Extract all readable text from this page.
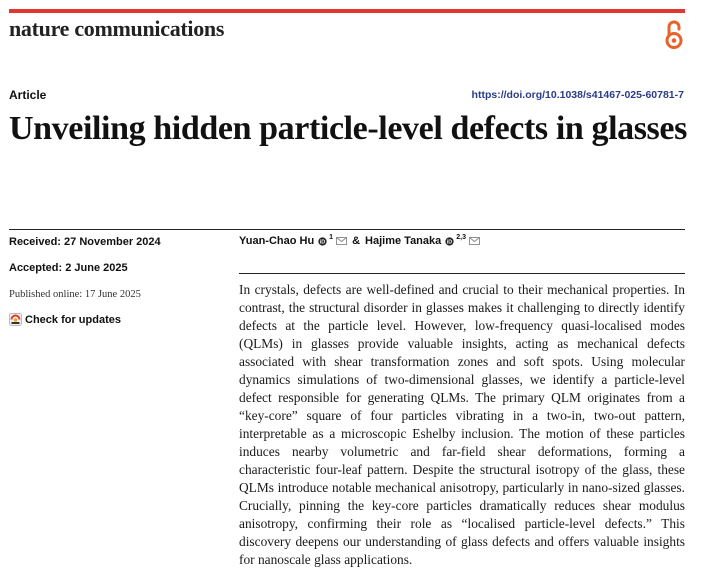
nature communications
Article	https://doi.org/10.1038/s41467-025-60781-7
Unveiling hidden particle-level defects in glasses
Received: 27 November 2024
Accepted: 2 June 2025
Published online: 17 June 2025
Check for updates
Yuan-Chao Hu iD
1 & Hajime Tanaka iD
2,3

In crystals, defects are well-defined and crucial to their mechanical properties. In contrast, the structural disorder in glasses makes it challenging to directly identify defects at the particle level. However, low-frequency quasi-localised modes (QLMs) in glasses provide valuable insights, acting as mechanical defects associated with shear transformation zones and soft spots. Using molecular dynamics simulations of two-dimensional glasses, we identify a particle-level defect responsible for generating QLMs. The primary QLM originates from a “key-core” square of four particles vibrating in a two-in, two-out pattern, interpretable as a microscopic Eshelby inclusion. The motion of these particles induces nearby volumetric and far-field shear deformations, forming a characteristic four-leaf pattern. Despite the structural isotropy of the glass, these QLMs introduce notable mechanical anisotropy, particularly in nano-sized glasses. Crucially, pinning the key-core particles dramatically reduces shear modulus anisotropy, confirming their role as “localised particle-level defects.” This discovery deepens our understanding of glass defects and offers valuable insights for nanoscale glass applications.
